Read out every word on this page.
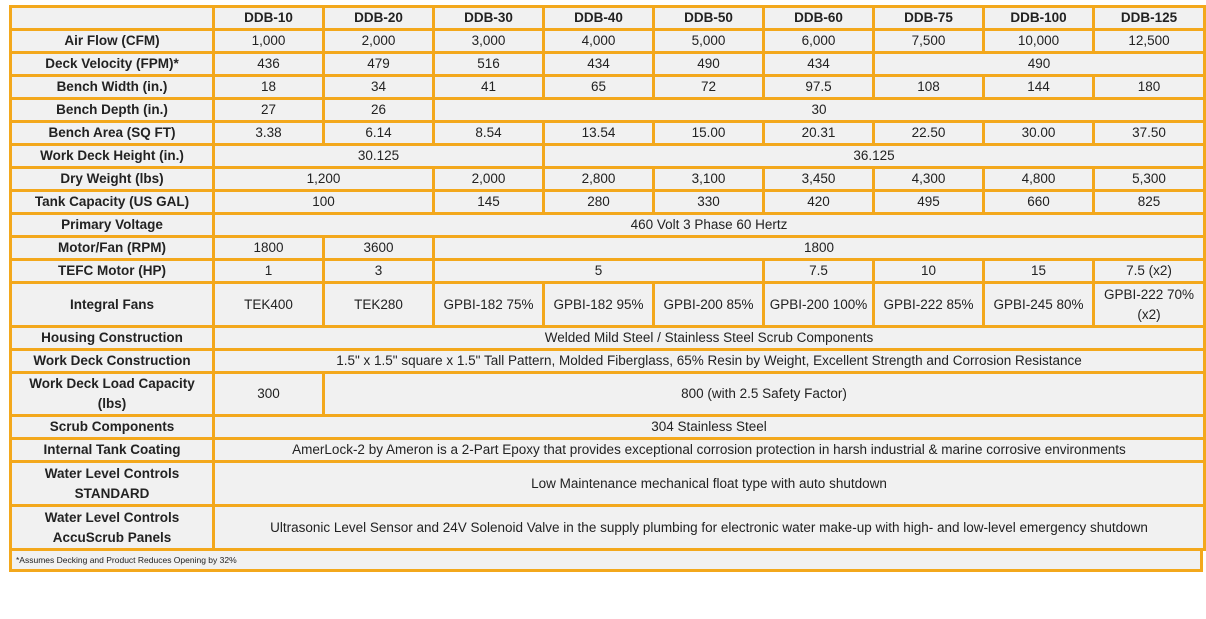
	DDB-10	DDB-20	DDB-30	DDB-40	DDB-50	DDB-60	DDB-75	DDB-100	DDB-125
Air Flow (CFM)	1,000	2,000	3,000	4,000	5,000	6,000	7,500	10,000	12,500
Deck Velocity (FPM)*	436	479	516	434	490	434	490		
Bench Width (in.)	18	34	41	65	72	97.5	108	144	180
Bench Depth (in.)	27	26	30						
Bench Area (SQ FT)	3.38	6.14	8.54	13.54	15.00	20.31	22.50	30.00	37.50
Work Deck Height (in.)	30.125			36.125					
Dry Weight (lbs)	1,200		2,000	2,800	3,100	3,450	4,300	4,800	5,300
Tank Capacity (US GAL)	100		145	280	330	420	495	660	825
Primary Voltage	460 Volt 3 Phase 60 Hertz								
Motor/Fan (RPM)	1800	3600	1800						
TEFC Motor (HP)	1	3	5			7.5	10	15	7.5 (x2)
Integral Fans	TEK400	TEK280	GPBI-182 75%	GPBI-182 95%	GPBI-200 85%	GPBI-200 100%	GPBI-222 85%	GPBI-245 80%	GPBI-222 70% (x2)
Housing Construction	Welded Mild Steel / Stainless Steel Scrub Components								
Work Deck Construction	1.5" x 1.5" square x 1.5" Tall Pattern, Molded Fiberglass, 65% Resin by Weight, Excellent Strength and Corrosion Resistance								
Work Deck Load Capacity (lbs)	300	800 (with 2.5 Safety Factor)							
Scrub Components	304 Stainless Steel								
Internal Tank Coating	AmerLock-2 by Ameron is a 2-Part Epoxy that provides exceptional corrosion protection in harsh industrial & marine corrosive environments								
Water Level Controls STANDARD	Low Maintenance mechanical float type with auto shutdown								
Water Level Controls AccuScrub Panels	Ultrasonic Level Sensor and 24V Solenoid Valve in the supply plumbing for electronic water make-up with high- and low-level emergency shutdown								
*Assumes Decking and Product Reduces Opening by 32%
